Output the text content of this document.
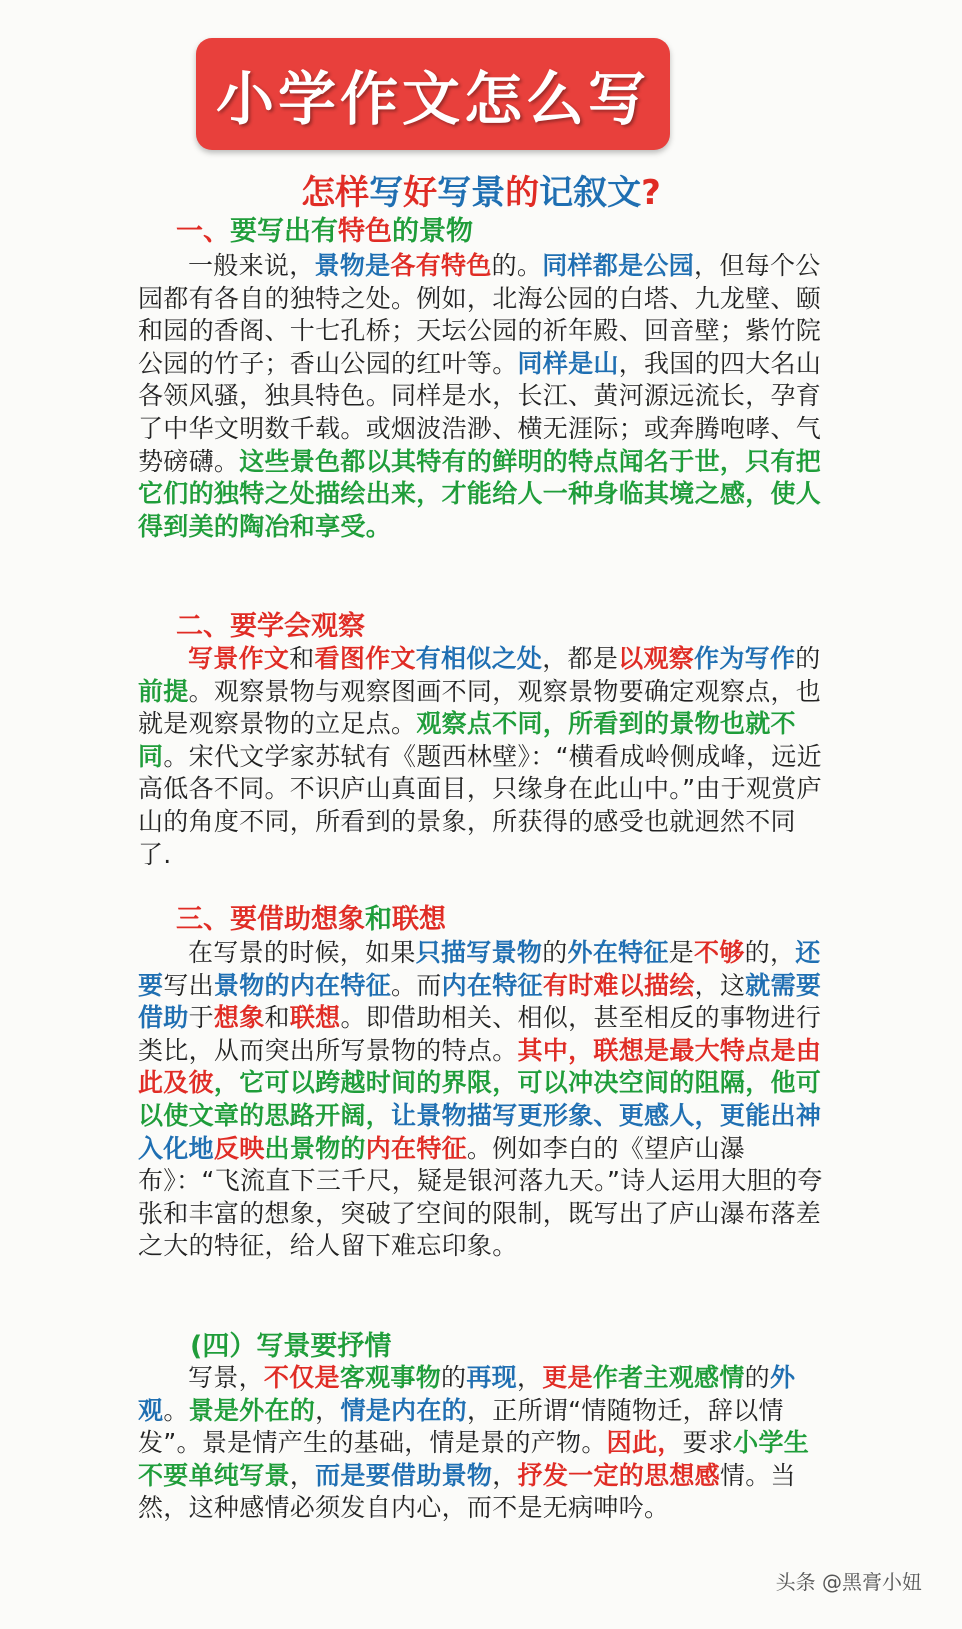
小学作文怎么写
怎样写好写景的记叙文?
一、要写出有特色的景物

一般来说，景物是各有特色的。同样都是公园，但每个公园都有各自的独特之处。例如，北海公园的白塔、九龙壁、颐和园的香阁、十七孔桥；天坛公园的祈年殿、回音壁；紫竹院公园的竹子；香山公园的红叶等。同样是山，我国的四大名山各领风骚，独具特色。同样是水，长江、黄河源远流长，孕育了中华文明数千载。或烟波浩渺、横无涯际；或奔腾咆哮、气势磅礴。这些景色都以其特有的鲜明的特点闻名于世，只有把它们的独特之处描绘出来，才能给人一种身临其境之感，使人得到美的陶冶和享受。

二、要学会观察

写景作文和看图作文有相似之处，都是以观察作为写作的前提。观察景物与观察图画不同，观察景物要确定观察点，也就是观察景物的立足点。观察点不同，所看到的景物也就不同。宋代文学家苏轼有《题西林壁》：“横看成岭侧成峰，远近高低各不同。不识庐山真面目，只缘身在此山中。”由于观赏庐山的角度不同，所看到的景象，所获得的感受也就迥然不同了.

三、要借助想象和联想

在写景的时候，如果只描写景物的外在特征是不够的，还要写出景物的内在特征。而内在特征有时难以描绘，这就需要借助于想象和联想。即借助相关、相似，甚至相反的事物进行类比，从而突出所写景物的特点。其中，联想是最大特点是由此及彼，它可以跨越时间的界限，可以冲决空间的阻隔，他可以使文章的思路开阔，让景物描写更形象、更感人，更能出神入化地反映出景物的内在特征。例如李白的《望庐山瀑布》：“飞流直下三千尺，疑是银河落九天。”诗人运用大胆的夸张和丰富的想象，突破了空间的限制，既写出了庐山瀑布落差之大的特征，给人留下难忘印象。

(四）写景要抒情

写景，不仅是客观事物的再现，更是作者主观感情的外观。景是外在的，情是内在的，正所谓“情随物迁，辞以情发”。景是情产生的基础，情是景的产物。因此，要求小学生不要单纯写景，而是要借助景物，抒发一定的思想感情。当然，这种感情必须发自内心，而不是无病呻吟。

头条 @黑膏小妞
